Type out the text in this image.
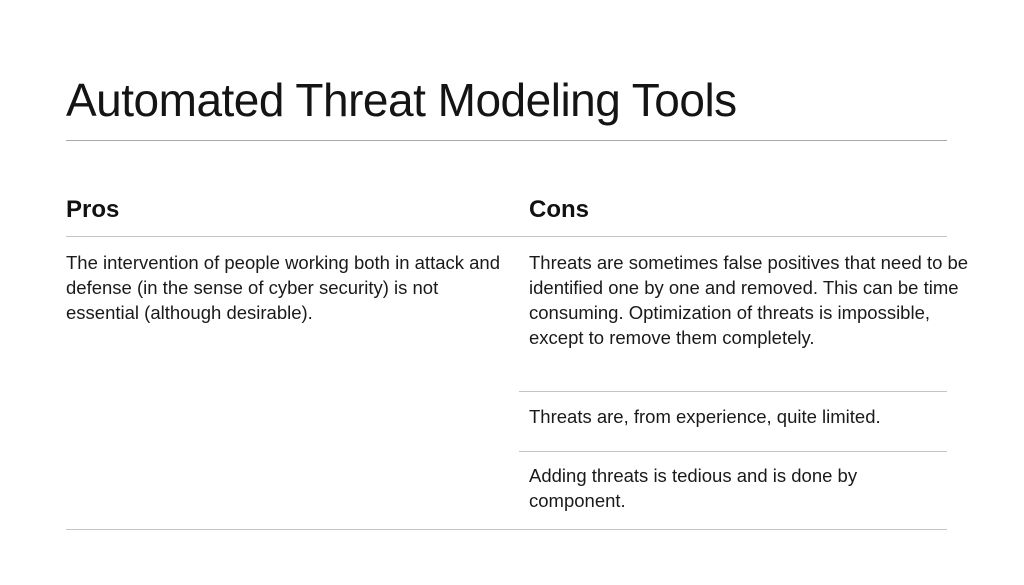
Automated Threat Modeling Tools
Pros	Cons
The intervention of people working both in attack and defense (in the sense of cyber security) is not essential (although desirable).
Threats are sometimes false positives that need to be identified one by one and removed. This can be time consuming. Optimization of threats is impossible, except to remove them completely.
Threats are, from experience, quite limited.
Adding threats is tedious and is done by component.
